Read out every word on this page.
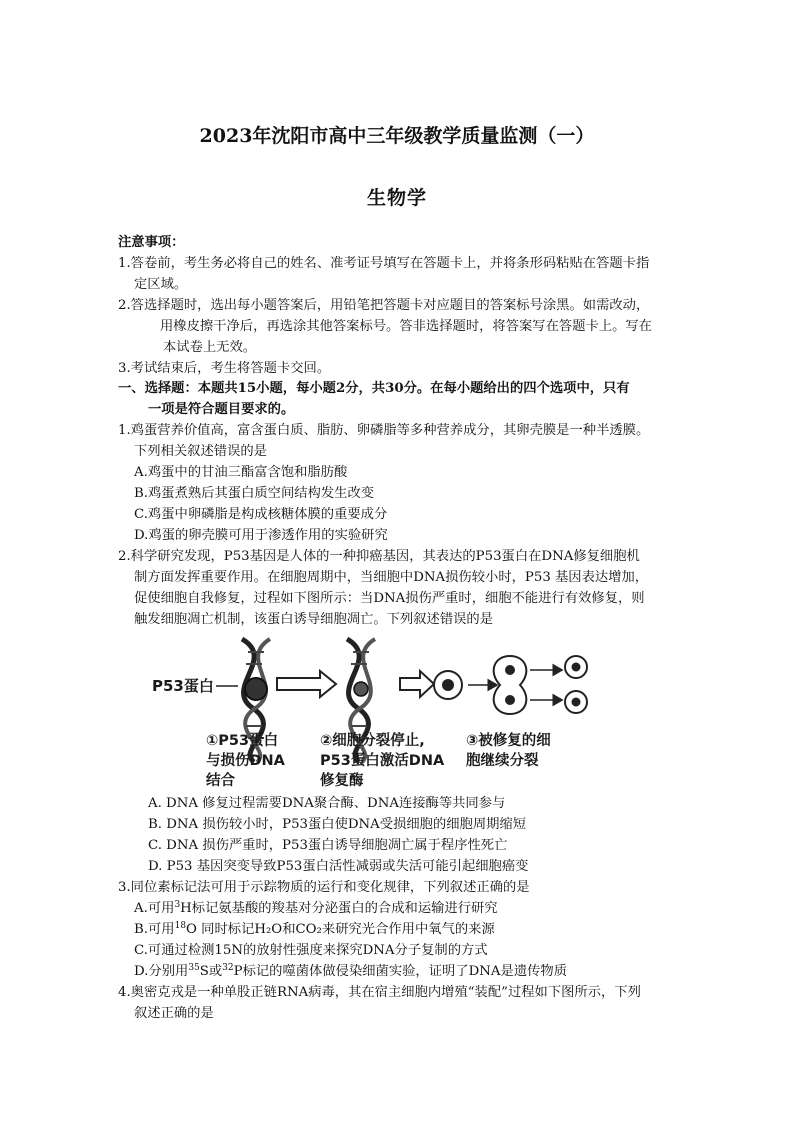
2023年沈阳市高中三年级教学质量监测（一）
生物学
注意事项：
1.答卷前，考生务必将自己的姓名、准考证号填写在答题卡上，并将条形码粘贴在答题卡指
定区域。
2.答选择题时，选出每小题答案后，用铅笔把答题卡对应题目的答案标号涂黑。如需改动，
用橡皮擦干净后，再选涂其他答案标号。答非选择题时，将答案写在答题卡上。写在
本试卷上无效。
3.考试结束后，考生将答题卡交回。
一、选择题：本题共15小题，每小题2分，共30分。在每小题给出的四个选项中，只有
一项是符合题目要求的。
1.鸡蛋营养价值高，富含蛋白质、脂肪、卵磷脂等多种营养成分，其卵壳膜是一种半透膜。
下列相关叙述错误的是
A.鸡蛋中的甘油三酯富含饱和脂肪酸
B.鸡蛋煮熟后其蛋白质空间结构发生改变
C.鸡蛋中卵磷脂是构成核糖体膜的重要成分
D.鸡蛋的卵壳膜可用于渗透作用的实验研究
2.科学研究发现，P53基因是人体的一种抑癌基因，其表达的P53蛋白在DNA修复细胞机
制方面发挥重要作用。在细胞周期中，当细胞中DNA损伤较小时，P53 基因表达增加，
促使细胞自我修复，过程如下图所示：当DNA损伤严重时，细胞不能进行有效修复，则
触发细胞凋亡机制，该蛋白诱导细胞凋亡。下列叙述错误的是
P53蛋白
①P53蛋白
与损伤DNA
结合
②细胞分裂停止,
P53蛋白激活DNA
修复酶
③被修复的细
胞继续分裂
A. DNA 修复过程需要DNA聚合酶、DNA连接酶等共同参与
B. DNA 损伤较小时，P53蛋白使DNA受损细胞的细胞周期缩短
C. DNA 损伤严重时，P53蛋白诱导细胞凋亡属于程序性死亡
D. P53 基因突变导致P53蛋白活性减弱或失活可能引起细胞癌变
3.同位素标记法可用于示踪物质的运行和变化规律，下列叙述正确的是
A.可用$^3$H标记氨基酸的羧基对分泌蛋白的合成和运输进行研究
B.可用$^{18}$O 同时标记H₂O和CO₂来研究光合作用中氧气的来源
C.可通过检测15N的放射性强度来探究DNA分子复制的方式
D.分别用$^{35}$S或$^{32}$P标记的噬菌体做侵染细菌实验，证明了DNA是遗传物质
4.奥密克戎是一种单股正链RNA病毒，其在宿主细胞内增殖“装配”过程如下图所示，下列
叙述正确的是
